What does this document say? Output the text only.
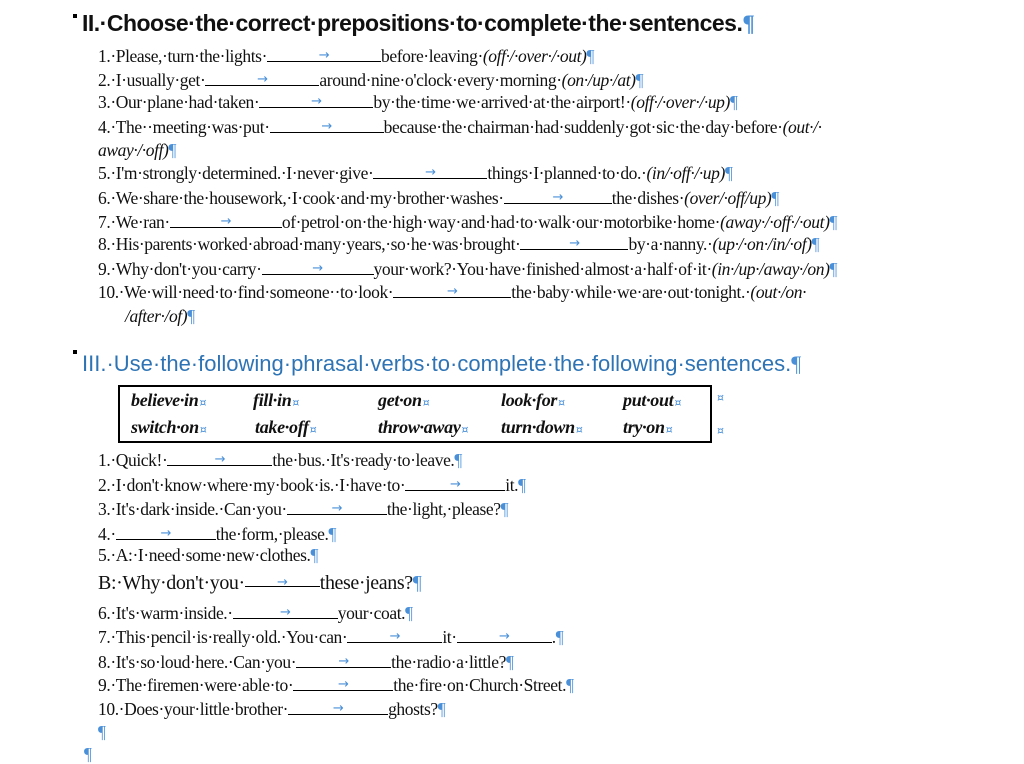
II.·Choose·the·correct·prepositions·to·complete·the·sentences.¶
1.·Please,·turn·the·lights·	→	before·leaving·(off·/·over·/·out)¶
2.·I·usually·get·	→	around·nine·o'clock·every·morning·(on·/up·/at)¶
3.·Our·plane·had·taken·	→	by·the·time·we·arrived·at·the·airport!·(off·/·over·/·up)¶
4.·The··meeting·was·put·	→	because·the·chairman·had·suddenly·got·sic·the·day·before·(out·/·
away·/·off)¶
5.·I'm·strongly·determined.·I·never·give·	→	things·I·planned·to·do.·(in/·off·/·up)¶
6.·We·share·the·housework,·I·cook·and·my·brother·washes·	→	the·dishes·(over/·off/up)¶
7.·We·ran·	→	of·petrol·on·the·high·way·and·had·to·walk·our·motorbike·home·(away·/·off·/·out)¶
8.·His·parents·worked·abroad·many·years,·so·he·was·brought·	→	by·a·nanny.·(up·/·on·/in/·of)¶
9.·Why·don't·you·carry·	→	your·work?·You·have·finished·almost·a·half·of·it·(in·/up·/away·/on)¶
10.·We·will·need·to·find·someone··to·look·	→	the·baby·while·we·are·out·tonight.·(out·/on·
/after·/of)¶
III.·Use·the·following·phrasal·verbs·to·complete·the·following·sentences.¶
believe·in¤	fill·in¤	get·on¤	look·for¤	put·out¤
switch·on¤	take·off¤	throw·away¤ turn·down¤ try·on¤
¤
¤
1.·Quick!·	→	the·bus.·It's·ready·to·leave.¶
2.·I·don't·know·where·my·book·is.·I·have·to·	→	it.¶
3.·It's·dark·inside.·Can·you·	→	the·light,·please?¶
4.·	→	the·form,·please.¶
5.·A:·I·need·some·new·clothes.¶
B:·Why·don't·you· → these·jeans?¶
6.·It's·warm·inside.·	→	your·coat.¶
7.·This·pencil·is·really·old.·You·can·	→ it·	→ .¶
8.·It's·so·loud·here.·Can·you·	→ the·radio·a·little?¶
9.·The·firemen·were·able·to·	→	the·fire·on·Church·Street.¶
10.·Does·your·little·brother·	→	ghosts?¶
¶
¶
